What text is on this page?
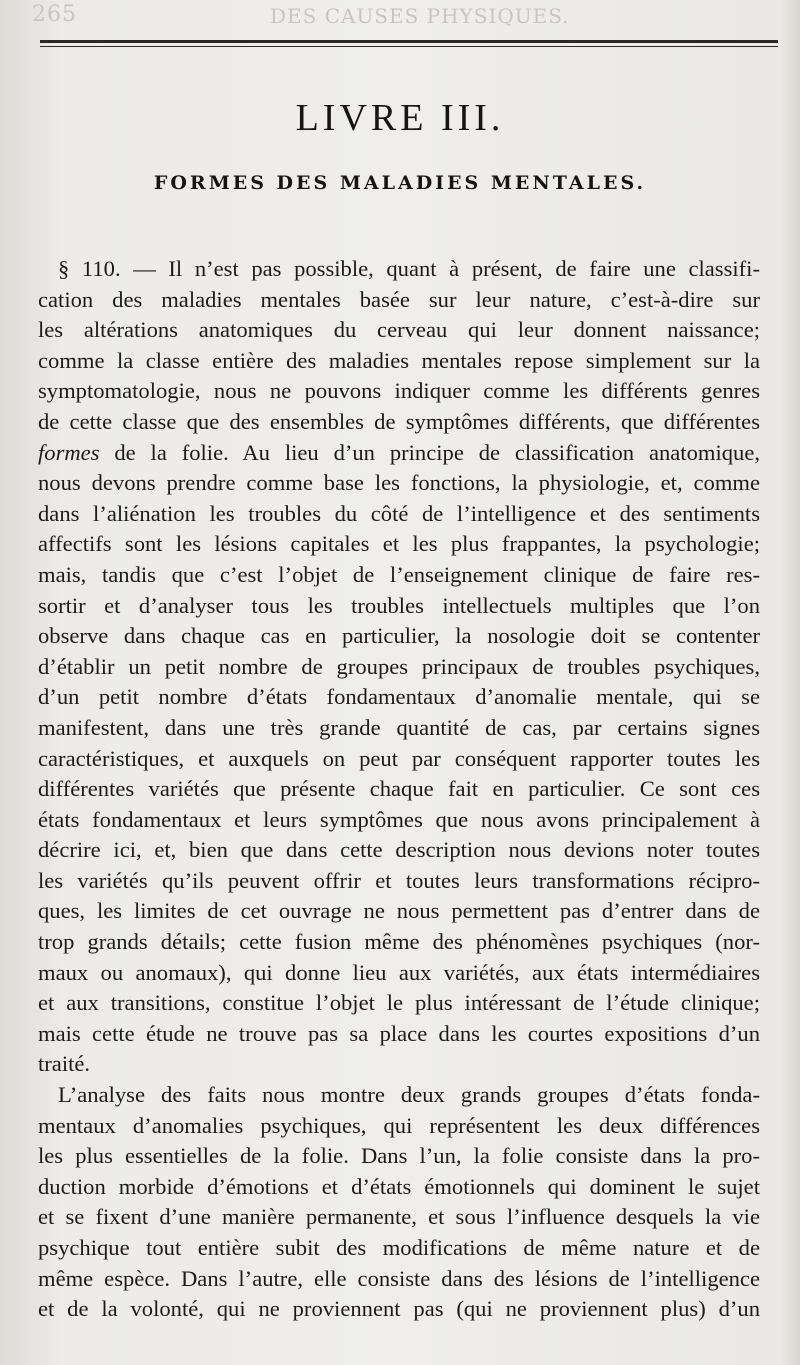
265	DES CAUSES PHYSIQUES.
LIVRE III.
FORMES DES MALADIES MENTALES.
§ 110. — Il n’est pas possible, quant à présent, de faire une classifi-
cation des maladies mentales basée sur leur nature, c’est-à-dire sur
les altérations anatomiques du cerveau qui leur donnent naissance;
comme la classe entière des maladies mentales repose simplement sur la
symptomatologie, nous ne pouvons indiquer comme les différents genres
de cette classe que des ensembles de symptômes différents, que différentes
formes de la folie. Au lieu d’un principe de classification anatomique,
nous devons prendre comme base les fonctions, la physiologie, et, comme
dans l’aliénation les troubles du côté de l’intelligence et des sentiments
affectifs sont les lésions capitales et les plus frappantes, la psychologie;
mais, tandis que c’est l’objet de l’enseignement clinique de faire res-
sortir et d’analyser tous les troubles intellectuels multiples que l’on
observe dans chaque cas en particulier, la nosologie doit se contenter
d’établir un petit nombre de groupes principaux de troubles psychiques,
d’un petit nombre d’états fondamentaux d’anomalie mentale, qui se
manifestent, dans une très grande quantité de cas, par certains signes
caractéristiques, et auxquels on peut par conséquent rapporter toutes les
différentes variétés que présente chaque fait en particulier. Ce sont ces
états fondamentaux et leurs symptômes que nous avons principalement à
décrire ici, et, bien que dans cette description nous devions noter toutes
les variétés qu’ils peuvent offrir et toutes leurs transformations récipro-
ques, les limites de cet ouvrage ne nous permettent pas d’entrer dans de
trop grands détails; cette fusion même des phénomènes psychiques (nor-
maux ou anomaux), qui donne lieu aux variétés, aux états intermédiaires
et aux transitions, constitue l’objet le plus intéressant de l’étude clinique;
mais cette étude ne trouve pas sa place dans les courtes expositions d’un
traité.
L’analyse des faits nous montre deux grands groupes d’états fonda-
mentaux d’anomalies psychiques, qui représentent les deux différences
les plus essentielles de la folie. Dans l’un, la folie consiste dans la pro-
duction morbide d’émotions et d’états émotionnels qui dominent le sujet
et se fixent d’une manière permanente, et sous l’influence desquels la vie
psychique tout entière subit des modifications de même nature et de
même espèce. Dans l’autre, elle consiste dans des lésions de l’intelligence
et de la volonté, qui ne proviennent pas (qui ne proviennent plus) d’un
